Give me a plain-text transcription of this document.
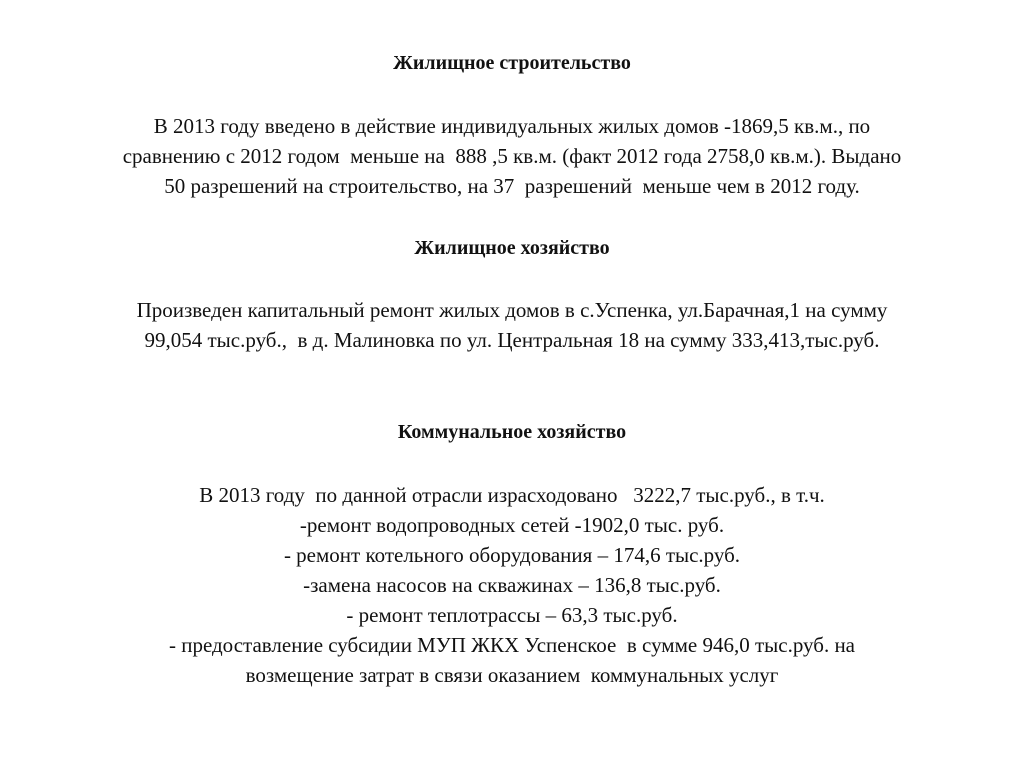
Жилищное строительство
В 2013 году введено в действие индивидуальных жилых домов -1869,5 кв.м., по
сравнению с 2012 годом  меньше на  888 ,5 кв.м. (факт 2012 года 2758,0 кв.м.). Выдано
50 разрешений на строительство, на 37  разрешений  меньше чем в 2012 году.
Жилищное хозяйство
Произведен капитальный ремонт жилых домов в с.Успенка, ул.Барачная,1 на сумму
99,054 тыс.руб.,  в д. Малиновка по ул. Центральная 18 на сумму 333,413,тыс.руб.
Коммунальное хозяйство
В 2013 году  по данной отрасли израсходовано   3222,7 тыс.руб., в т.ч.
-ремонт водопроводных сетей -1902,0 тыс. руб.
- ремонт котельного оборудования – 174,6 тыс.руб.
-замена насосов на скважинах – 136,8 тыс.руб.
- ремонт теплотрассы – 63,3 тыс.руб.
- предоставление субсидии МУП ЖКХ Успенское  в сумме 946,0 тыс.руб. на
возмещение затрат в связи оказанием  коммунальных услуг
